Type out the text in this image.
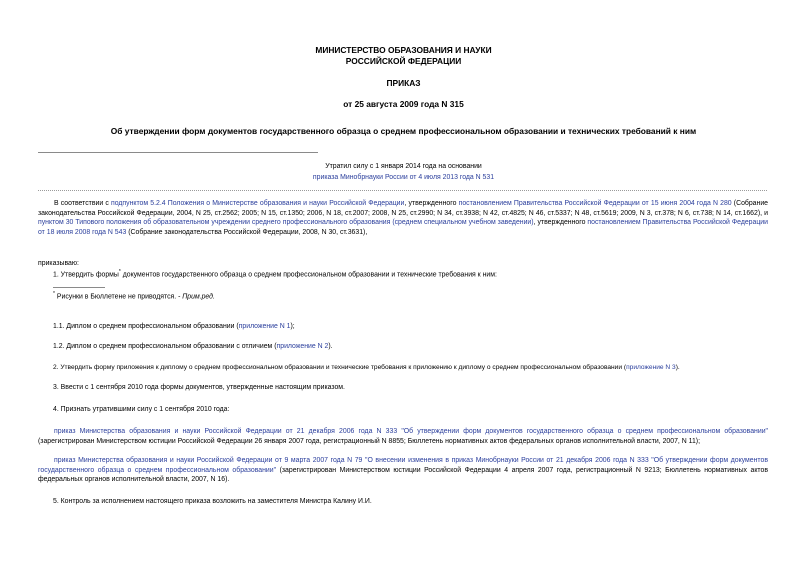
МИНИСТЕРСТВО ОБРАЗОВАНИЯ И НАУКИ
РОССИЙСКОЙ ФЕДЕРАЦИИ
ПРИКАЗ
от 25 августа 2009 года N 315
Об утверждении форм документов государственного образца о среднем профессиональном образовании и технических требований к ним
Утратил силу с 1 января 2014 года на основании
приказа Минобрнауки России от 4 июля 2013 года N 531
В соответствии с подпунктом 5.2.4 Положения о Министерстве образования и науки Российской Федерации, утвержденного постановлением Правительства Российской Федерации от 15 июня 2004 года N 280 (Собрание законодательства Российской Федерации, 2004, N 25, ст.2562; 2005; N 15, ст.1350; 2006, N 18, ст.2007; 2008, N 25, ст.2990; N 34, ст.3938; N 42, ст.4825; N 46, ст.5337; N 48, ст.5619; 2009, N 3, ст.378; N 6, ст.738; N 14, ст.1662), и пунктом 30 Типового положения об образовательном учреждении среднего профессионального образования (среднем специальном учебном заведении), утвержденного постановлением Правительства Российской Федерации от 18 июля 2008 года N 543 (Собрание законодательства Российской Федерации, 2008, N 30, ст.3631),
приказываю:
1. Утвердить формы* документов государственного образца о среднем профессиональном образовании и технические требования к ним:
* Рисунки в Бюллетене не приводятся. - Прим.ред.
1.1. Диплом о среднем профессиональном образовании (приложение N 1);
1.2. Диплом о среднем профессиональном образовании с отличием (приложение N 2).
2. Утвердить форму приложения к диплому о среднем профессиональном образовании и технические требования к приложению к диплому о среднем профессиональном образовании (приложение N 3).
3. Ввести с 1 сентября 2010 года формы документов, утвержденные настоящим приказом.
4. Признать утратившими силу с 1 сентября 2010 года:
приказ Министерства образования и науки Российской Федерации от 21 декабря 2006 года N 333 "Об утверждении форм документов государственного образца о среднем профессиональном образовании" (зарегистрирован Министерством юстиции Российской Федерации 26 января 2007 года, регистрационный N 8855; Бюллетень нормативных актов федеральных органов исполнительной власти, 2007, N 11);
приказ Министерства образования и науки Российской Федерации от 9 марта 2007 года N 79 "О внесении изменения в приказ Минобрнауки России от 21 декабря 2006 года N 333 "Об утверждении форм документов государственного образца о среднем профессиональном образовании" (зарегистрирован Министерством юстиции Российской Федерации 4 апреля 2007 года, регистрационный N 9213; Бюллетень нормативных актов федеральных органов исполнительной власти, 2007, N 16).
5. Контроль за исполнением настоящего приказа возложить на заместителя Министра Калину И.И.
